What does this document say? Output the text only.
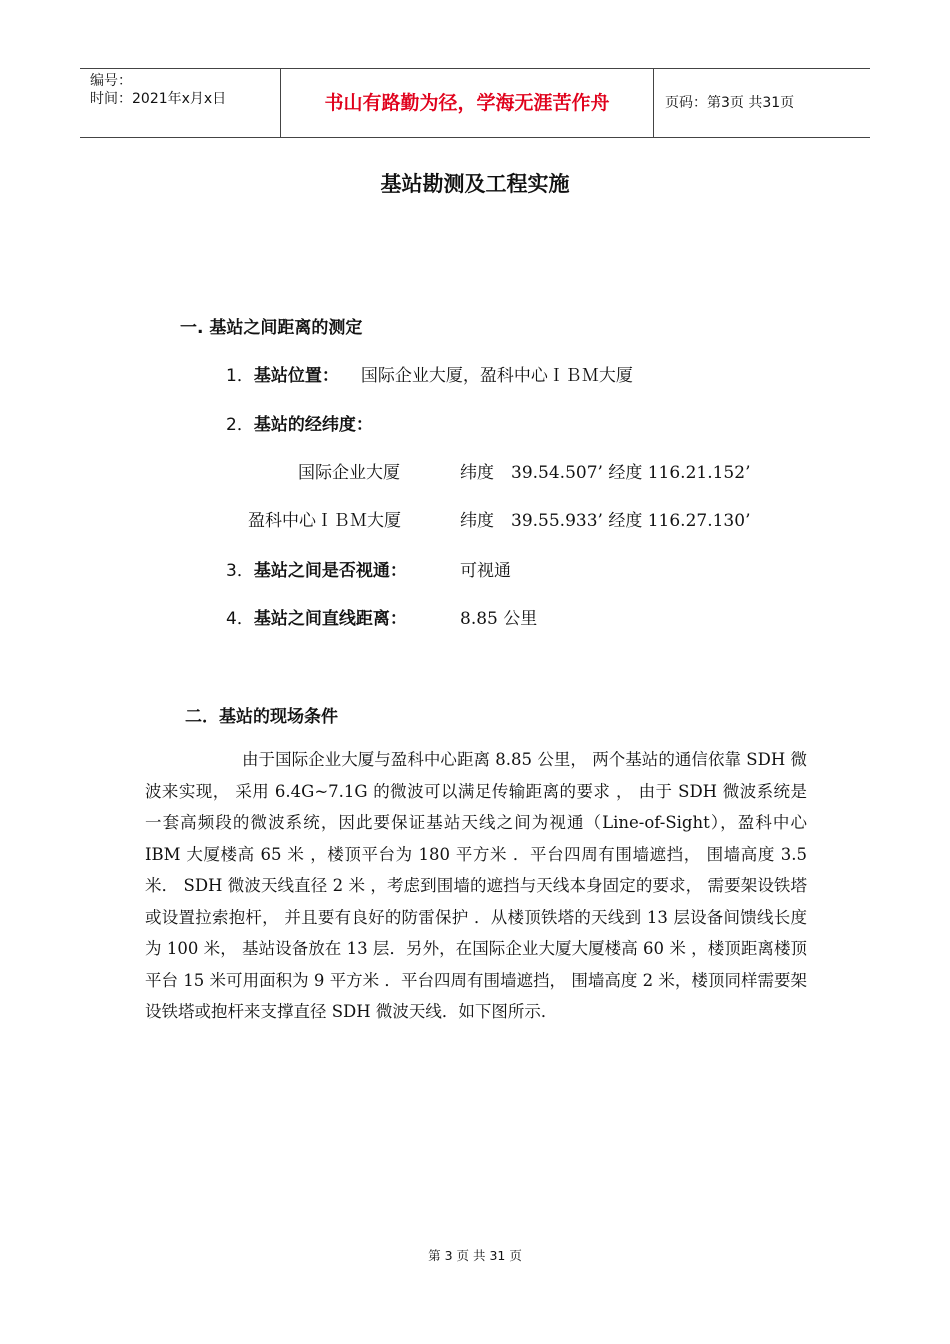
编号：
时间：2021年x月x日	书山有路勤为径，学海无涯苦作舟	页码：第3页 共31页
基站勘测及工程实施
一. 基站之间距离的测定
1．基站位置： 国际企业大厦，盈科中心ＩＢＭ大厦
2．基站的经纬度：
国际企业大厦	纬度　39.54.507’ 经度 116.21.152’
盈科中心ＩＢＭ大厦	纬度　39.55.933’ 经度 116.27.130’
3．基站之间是否视通：	可视通
4．基站之间直线距离：	8.85 公里
二．基站的现场条件

由于国际企业大厦与盈科中心距离 8.85 公里， 两个基站的通信依靠 SDH 微波来实现， 采用 6.4G~7.1G 的微波可以满足传输距离的要求 ， 由于 SDH 微波系统是一套高频段的微波系统，因此要保证基站天线之间为视通（Line-of-Sight），盈科中心 IBM 大厦楼高 65 米 ，楼顶平台为 180 平方米 ．平台四周有围墙遮挡， 围墙高度 3.5 米． SDH 微波天线直径 2 米 ，考虑到围墙的遮挡与天线本身固定的要求， 需要架设铁塔或设置拉索抱杆， 并且要有良好的防雷保护 ．从楼顶铁塔的天线到 13 层设备间馈线长度为 100 米， 基站设备放在 13 层．另外，在国际企业大厦大厦楼高 60 米 ，楼顶距离楼顶平台 15 米可用面积为 9 平方米 ．平台四周有围墙遮挡， 围墙高度 2 米，楼顶同样需要架设铁塔或抱杆来支撑直径 SDH 微波天线．如下图所示．

第 3 页 共 31 页
